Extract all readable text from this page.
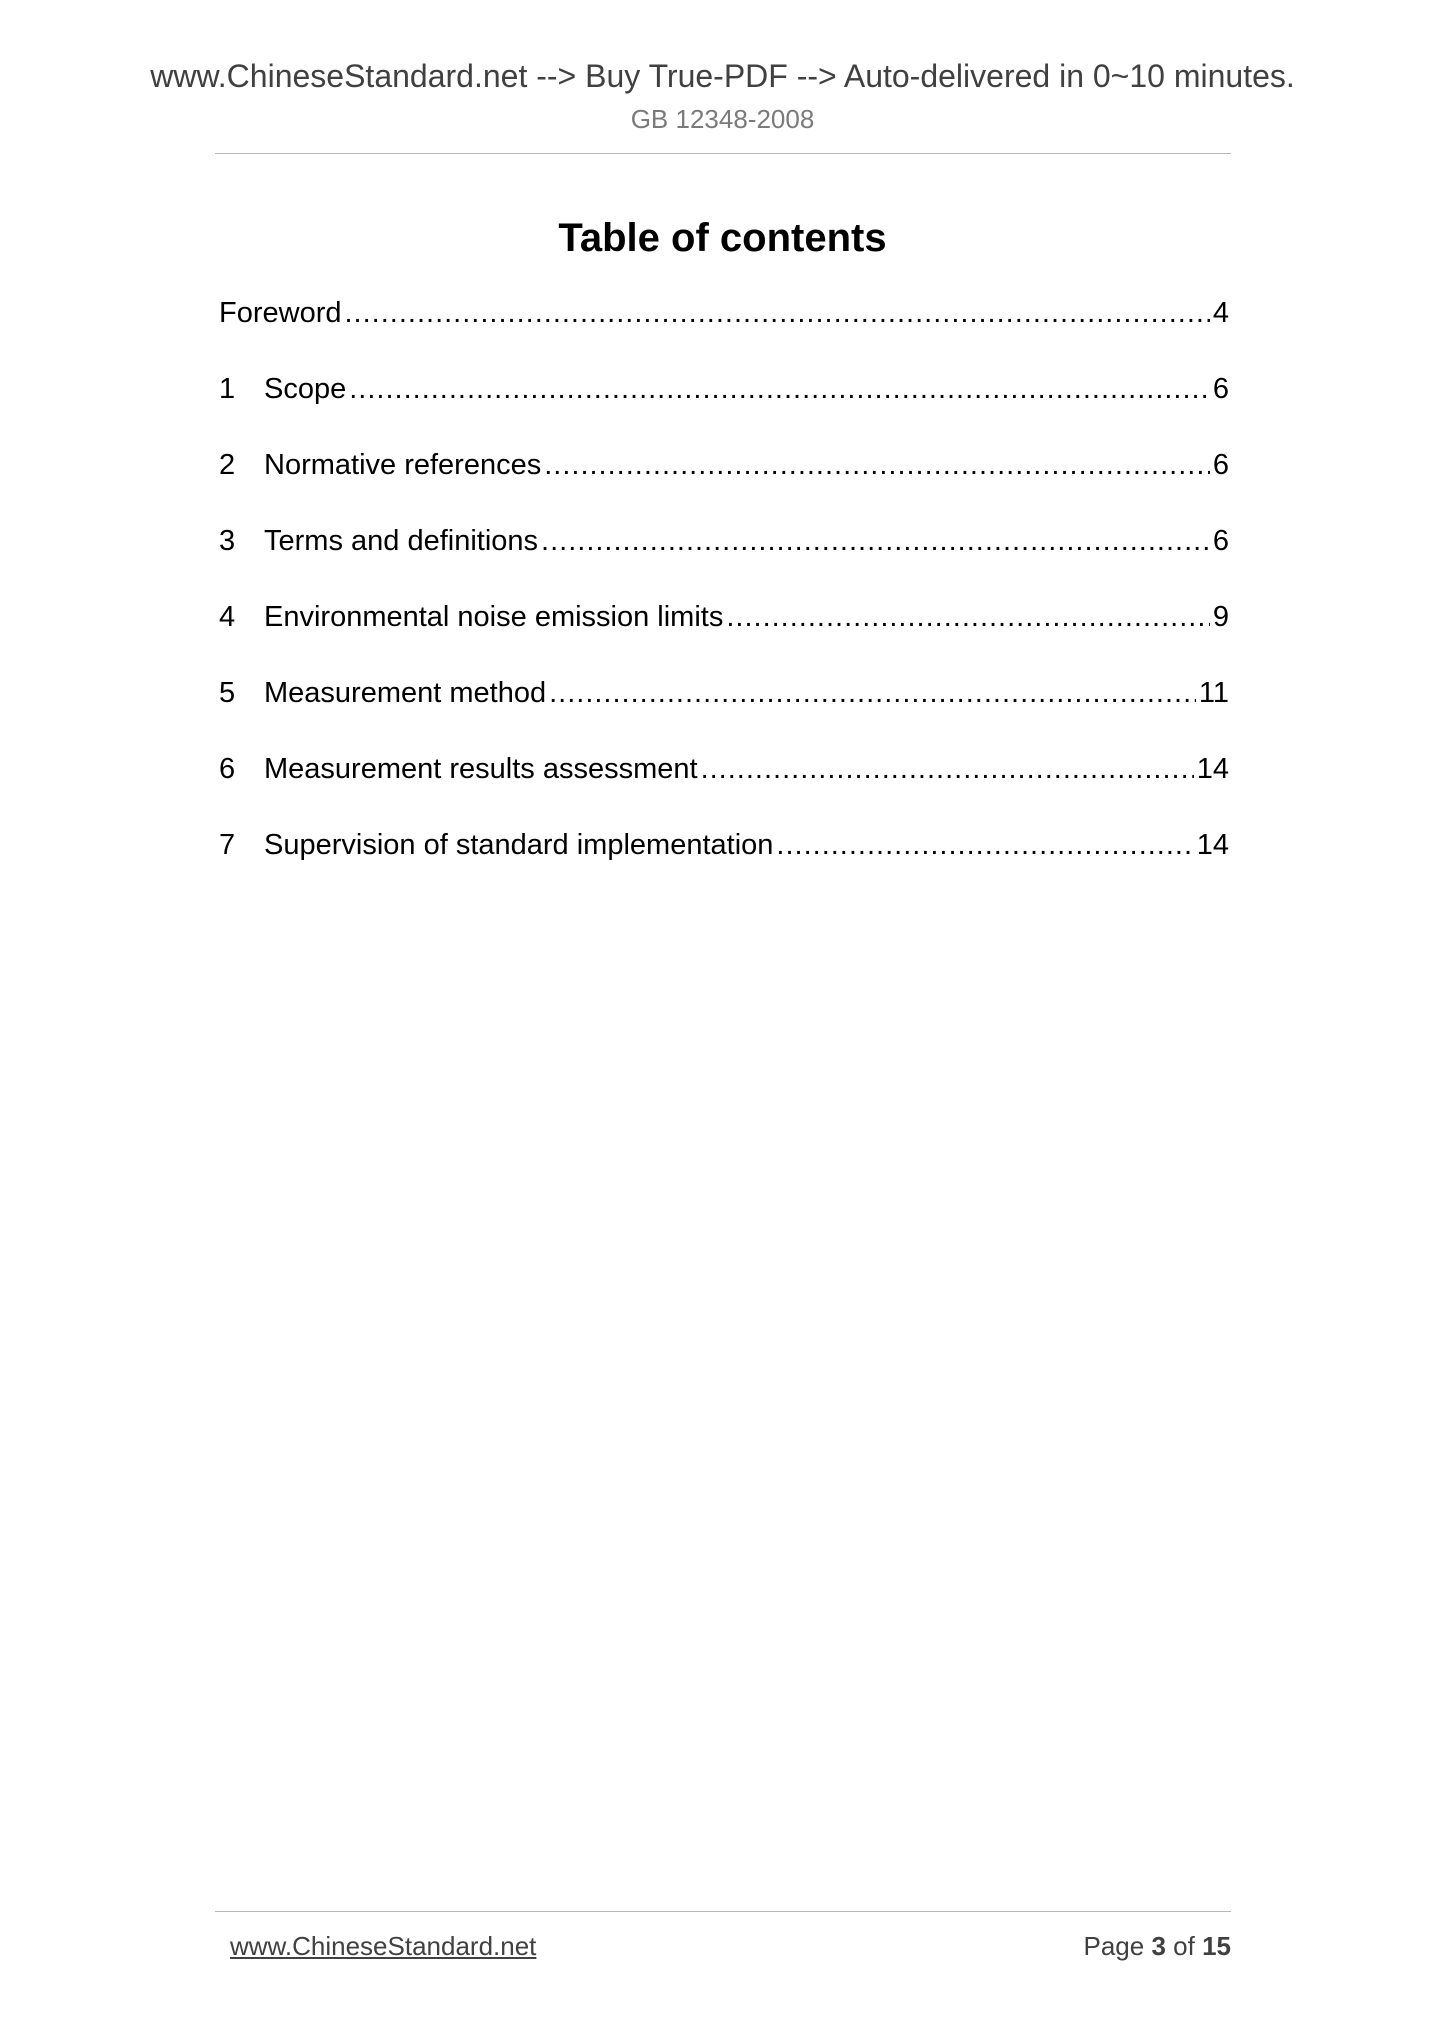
www.ChineseStandard.net --> Buy True-PDF --> Auto-delivered in 0~10 minutes.
GB 12348-2008
Table of contents
Foreword .....	4
1 Scope .....	6
2 Normative references .....	6
3 Terms and definitions .....	6
4 Environmental noise emission limits .....	9
5 Measurement method .....	11
6 Measurement results assessment .....	14
7 Supervision of standard implementation .....	14
www.ChineseStandard.net	Page 3 of 15
